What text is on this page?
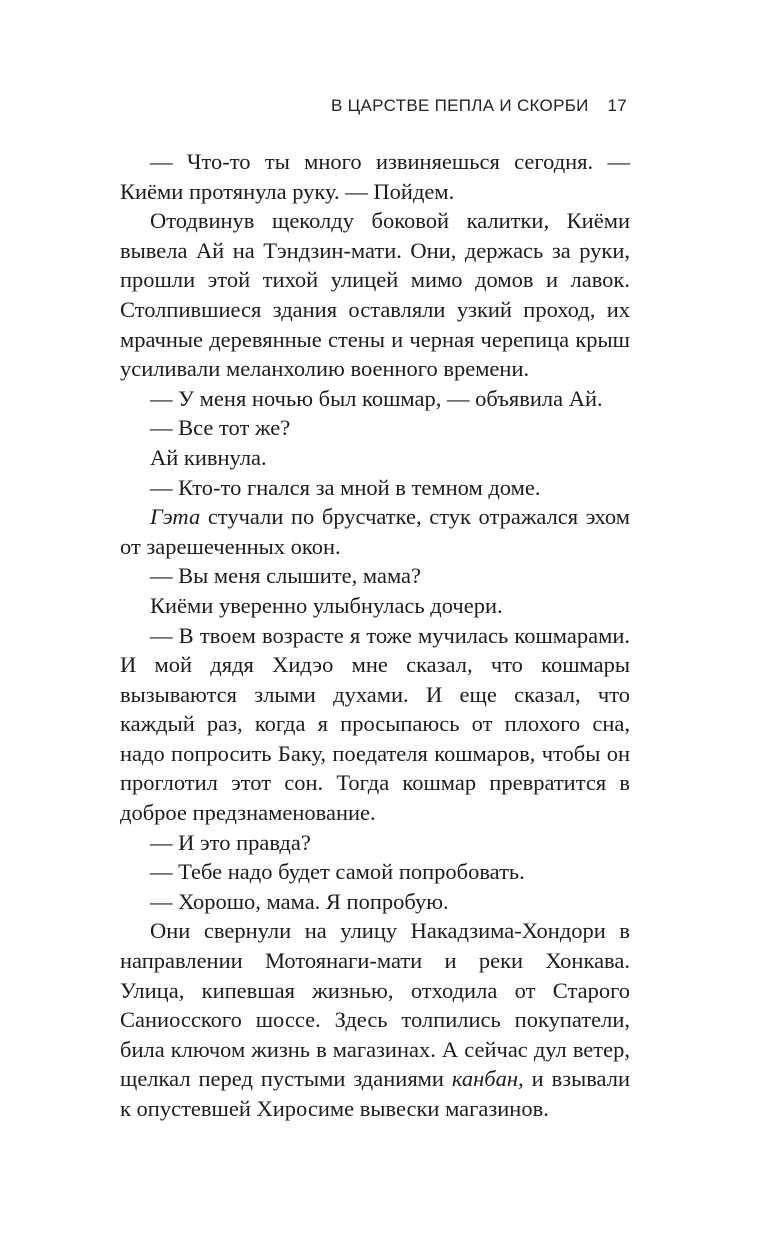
В ЦАРСТВЕ ПЕПЛА И СКОРБИ 17

— Что-то ты много извиняешься сегодня. — Киёми протянула руку. — Пойдем.

Отодвинув щеколду боковой калитки, Киёми вывела Ай на Тэндзин-мати. Они, держась за руки, прошли этой тихой улицей мимо домов и лавок. Столпившиеся здания оставляли узкий проход, их мрачные деревянные стены и черная черепица крыш усиливали меланхолию военного времени.

— У меня ночью был кошмар, — объявила Ай.

— Все тот же?

Ай кивнула.

— Кто-то гнался за мной в темном доме.

Гэта стучали по брусчатке, стук отражался эхом от зарешеченных окон.

— Вы меня слышите, мама?

Киёми уверенно улыбнулась дочери.

— В твоем возрасте я тоже мучилась кошмарами. И мой дядя Хидэо мне сказал, что кошмары вызываются злыми духами. И еще сказал, что каждый раз, когда я просыпаюсь от плохого сна, надо попросить Баку, поедателя кошмаров, чтобы он проглотил этот сон. Тогда кошмар превратится в доброе предзнаменование.

— И это правда?

— Тебе надо будет самой попробовать.

— Хорошо, мама. Я попробую.

Они свернули на улицу Накадзима-Хондори в направлении Мотоянаги-мати и реки Хонкава. Улица, кипевшая жизнью, отходила от Старого Саниосского шоссе. Здесь толпились покупатели, била ключом жизнь в магазинах. А сейчас дул ветер, щелкал перед пустыми зданиями канбан, и взывали к опустевшей Хиросиме вывески магазинов.
